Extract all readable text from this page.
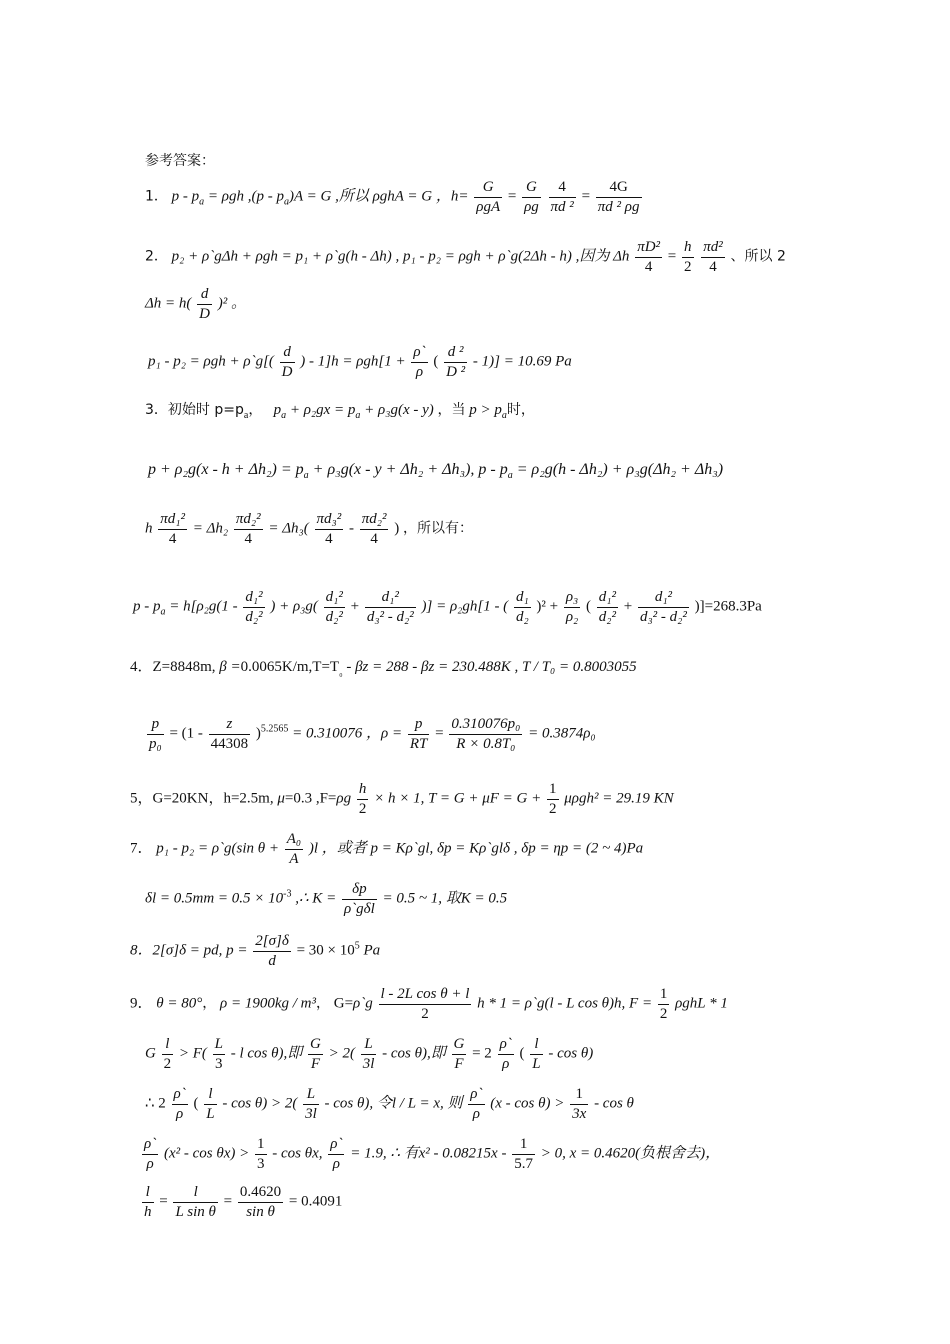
参考答案：
1． $p - p_a = \rho gh$ $,(p - p_a)A = G$ ,所以 ρghA = G ，$h= \frac{G}{\text{ρgA}} = \frac{G}{\rho g}$
$\frac{4}{\text{πd ²}} = \frac{4G}{\text{πd ² ρg}}$
2． p₂ + ρ`gΔh + ρgh = p₁ + ρ`g(h - Δh) , p₁ - p₂ = ρgh + ρ`g(2Δh - h) ,因为 Δh $\frac{\text{πD²}}{4} = \frac{h}{2}$
$\frac{\text{πd²}}{4}$ 、所以 2
$\Delta h = h( \frac{d}{D} )^2$ 。
p₁ - p₂ = ρgh + ρ`g[( $\frac{d}{D}$ ) - $1]h = \rho gh[1 + \frac{\rho`}{\rho}$ ( $\frac{\text{d ²}}{\text{D ²}} - 1)] = 10.69$ Pa
3．初始时 $p=p_a$， $p_a + \rho_2gx = p_a + \rho_3g(x - y)$ ，当 $p > p_a$时，
$p + \rho_2g(x - h + \Delta h_2) = p_a + \rho_3g(x - y + \Delta h_2 + \Delta h_3)$, $p - p_a = \rho_2g(h - \Delta h_2) + \rho_3g(\Delta h_2 + \Delta h_3)$
h $\frac{\text{πd₁²}}{4} = \Delta h_2 \frac{\text{πd₂²}}{4} = \Delta h_3( \frac{\text{πd₃²}}{4} - \frac{\text{πd₂²}}{4}$ ) ，所以有：
$p - p_a = h[\rho_2g(1 - \frac{\text{d₁²}}{\text{d₂²}}$ ) + $\rho_3g( \frac{\text{d₁²}}{\text{d₂²}} + \frac{\text{d₁²}}{\text{d₃² - d₂²}}$ )] = ρ₂gh[1 - ( $\frac{\text{d₁}}{\text{d₂}} )^2 + \frac{\text{ρ₃}}{\text{ρ₂}}$ ( $\frac{\text{d₁²}}{\text{d₂²}} + \frac{\text{d₁²}}{\text{d₃² - d₂²}} )]=268.3Pa$
4．Z=8848m, $\beta =0.0065K/m,T=T_{_0} - \beta z = 288 - \beta z = 230.488K$ , T / T₀ = 0.8003055
$\frac{p}{\text{p₀}} = (1 - \frac{z}{44308} )^{5.2565} = 0.310076$ ，$\rho = \frac{p}{RT} = \frac{\text{0.310076p₀}}{\text{R × 0.8T₀}} = 0.3874\rho_0$
5，G=20KN，h=2.5m, μ=0.3 $,F=\rho g \frac{h}{2} \times h \times 1$, $T = G + \mu F = G + \frac{1}{2} \mu\rho gh^2 = 29.19$ KN
7． p₁ - p₂ = ρ`g(sin $\theta + \frac{\text{A₀}}{A} )l$ ，或者 p = Kρ`gl, δp = Kρ`glδ , δp = ηp = (2 ~ 4)Pa
$\delta l = 0.5mm = 0.5 \times 10^{-3}$ ,∴ $K = \frac{\delta p}{\text{ρ`gδl}} = 0.5$ ~ 1, 取K = 0.5
8．2[σ]δ = pd, $p = \frac{2[\sigma]\delta}{d} = 30 \times 10^5$ Pa
9． θ = 80°， ρ = 1900kg / m³， G=ρ`g $\frac{\text{l - 2L cos θ + l}}{2}$ h * 1 = ρ`g(l - L cos θ)h, $F = \frac{1}{2}$ ρghL * 1
G $\frac{l}{2} > F( \frac{L}{3} - l$ cos θ),即 $\frac{G}{F} > 2( \frac{L}{3l} - \cos \theta)$,即 $\frac{G}{F} = 2 \frac{\rho`}{\rho}$ ( $\frac{l}{L}$ - cos θ)
∴ $2 \frac{\rho`}{\rho}$ ( $\frac{l}{L} - \cos \theta) > 2( \frac{L}{3l} - \cos \theta)$, 令l / L = x, 则 $\frac{\rho`}{\rho} (x - \cos \theta) > \frac{1}{3x} - \cos \theta$
$\frac{\rho`}{\rho} (x^2 - \cos \theta x) > \frac{1}{3} - \cos \theta x$, $\frac{\rho`}{\rho} = 1.9$, ∴ 有$x^2 - 0.08215x - \frac{1}{5.7} > 0$, x = 0.4620(负根舍去)，
$\frac{l}{h} = \frac{l}{\text{L sin θ}} = \frac{0.4620}{\text{sin θ}} = 0.4091$
